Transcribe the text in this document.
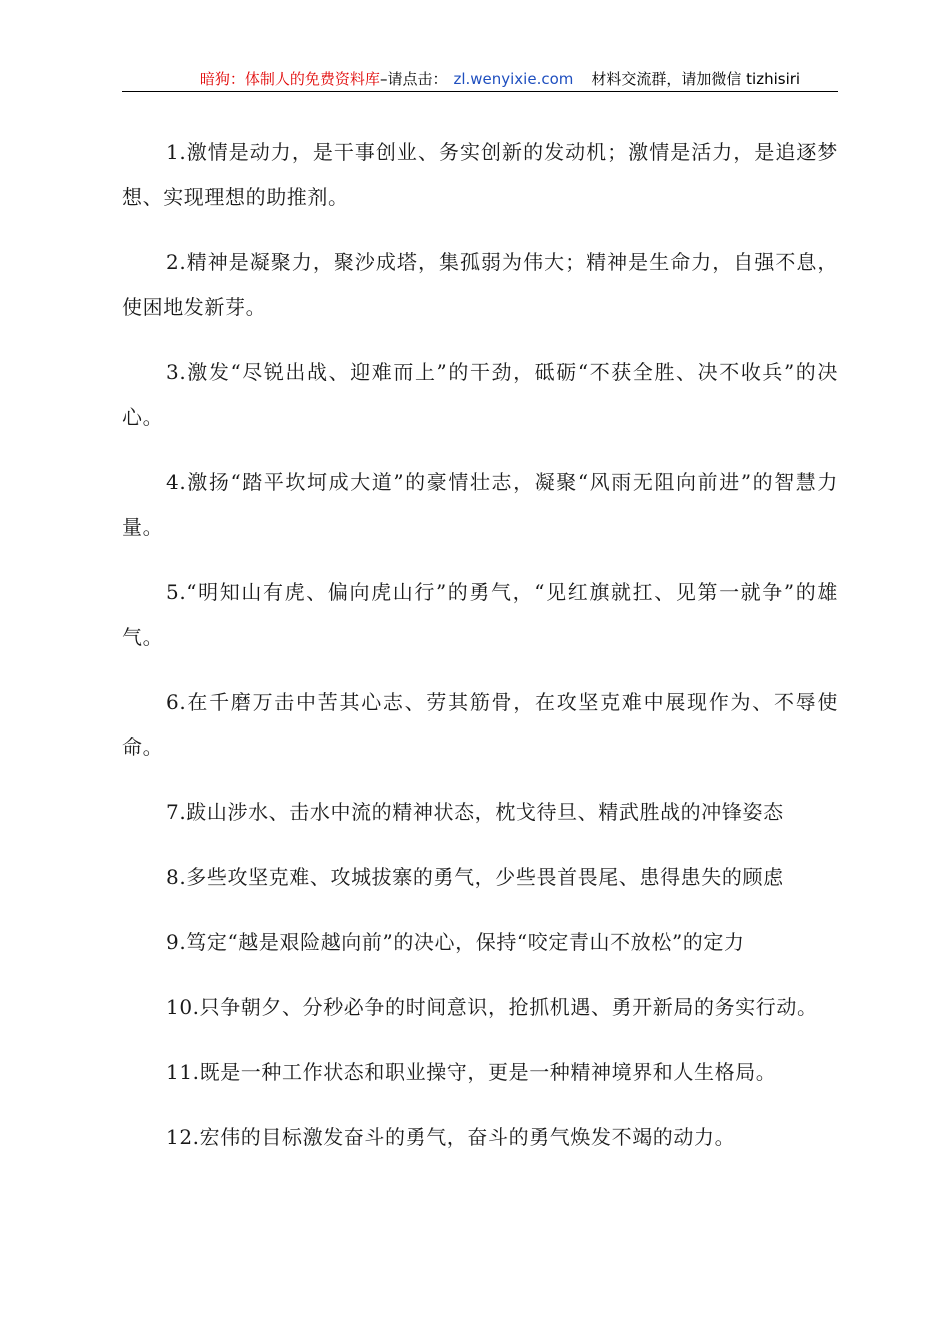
暗狗：体制人的免费资料库–请点击： zl.wenyixie.com 材料交流群，请加微信 tizhisiri

1.激情是动力，是干事创业、务实创新的发动机；激情是活力，是追逐梦想、实现理想的助推剂。

2.精神是凝聚力，聚沙成塔，集孤弱为伟大；精神是生命力，自强不息，使困地发新芽。

3.激发“尽锐出战、迎难而上”的干劲，砥砺“不获全胜、决不收兵”的决心。

4.激扬“踏平坎坷成大道”的豪情壮志，凝聚“风雨无阻向前进”的智慧力量。

5.“明知山有虎、偏向虎山行”的勇气，“见红旗就扛、见第一就争”的雄气。

6.在千磨万击中苦其心志、劳其筋骨，在攻坚克难中展现作为、不辱使命。

7.跋山涉水、击水中流的精神状态，枕戈待旦、精武胜战的冲锋姿态

8.多些攻坚克难、攻城拔寨的勇气，少些畏首畏尾、患得患失的顾虑

9.笃定“越是艰险越向前”的决心，保持“咬定青山不放松”的定力

10.只争朝夕、分秒必争的时间意识，抢抓机遇、勇开新局的务实行动。

11.既是一种工作状态和职业操守，更是一种精神境界和人生格局。

12.宏伟的目标激发奋斗的勇气，奋斗的勇气焕发不竭的动力。
